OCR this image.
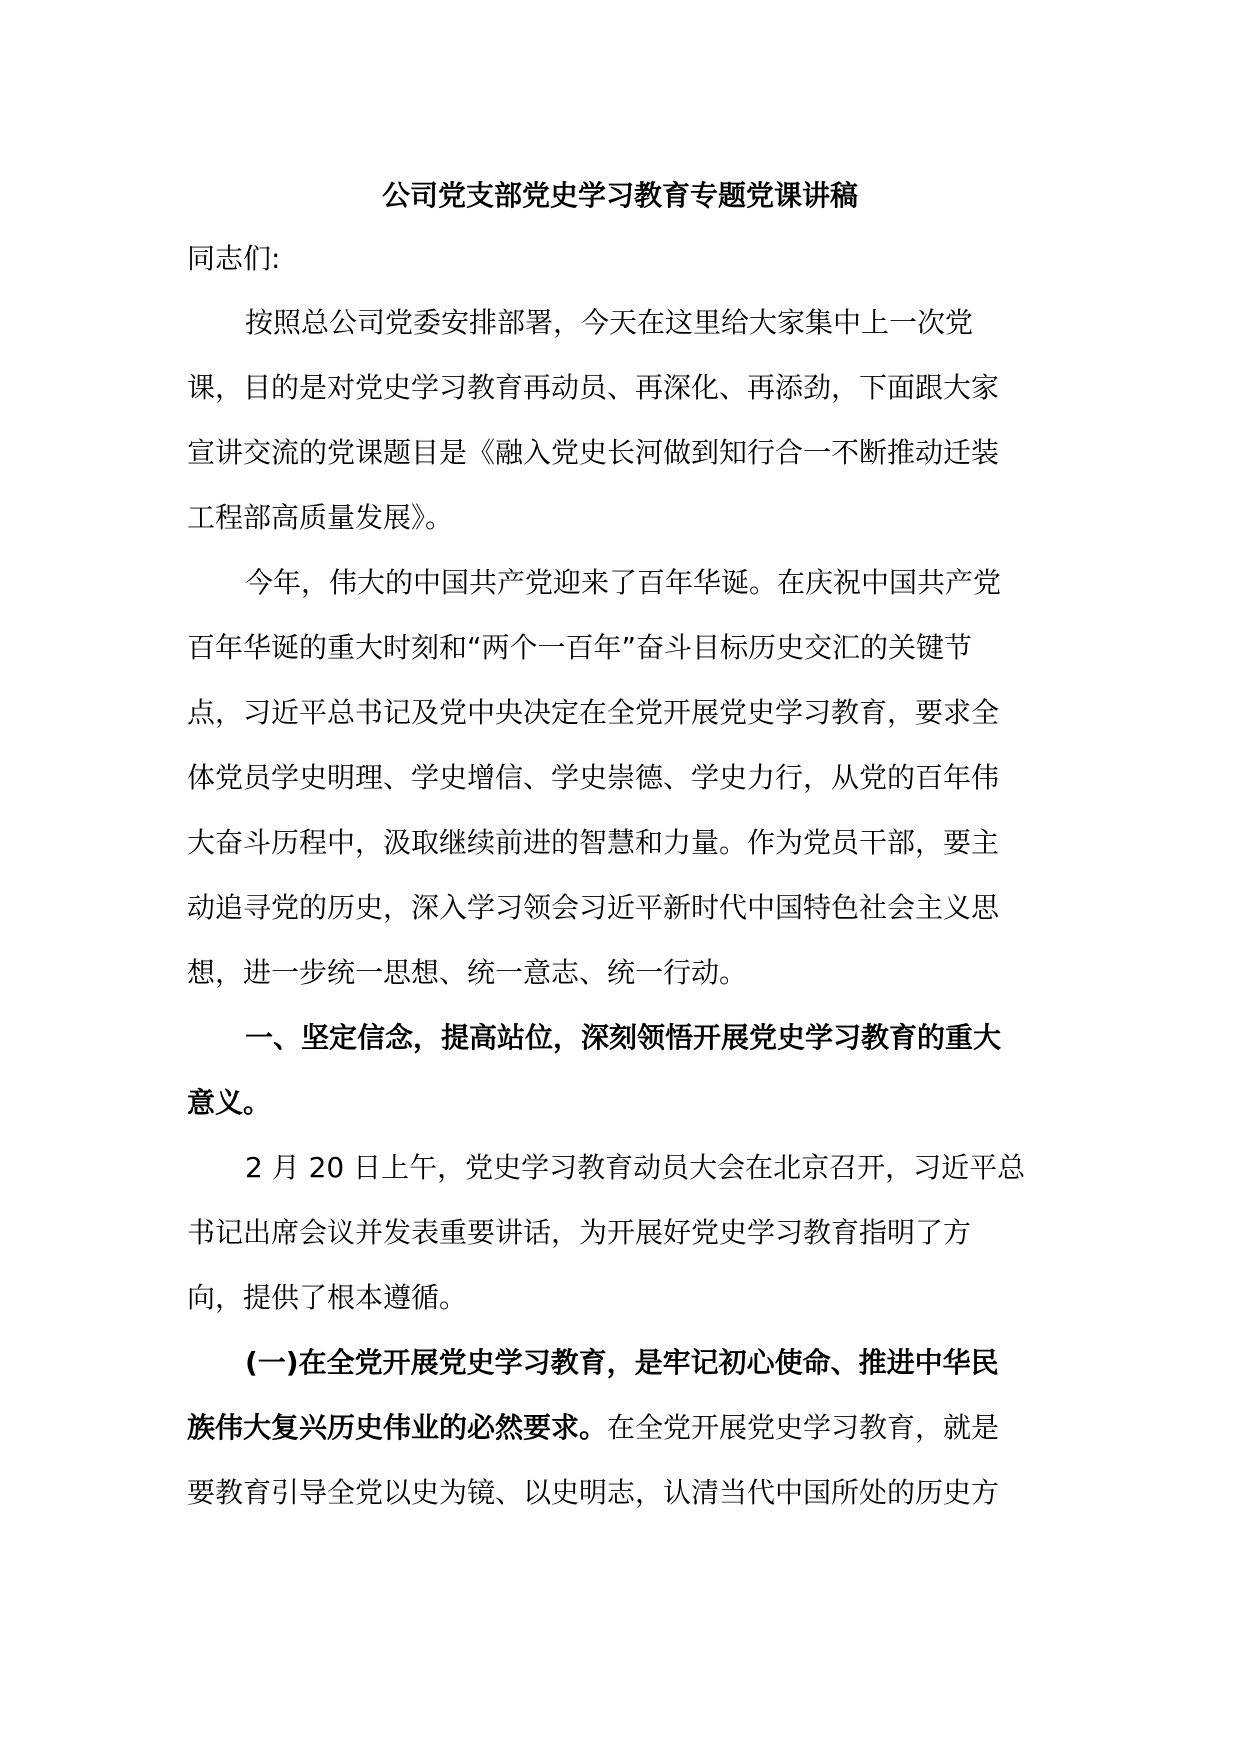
公司党支部党史学习教育专题党课讲稿
同志们:
按照总公司党委安排部署，今天在这里给大家集中上一次党
课，目的是对党史学习教育再动员、再深化、再添劲，下面跟大家
宣讲交流的党课题目是《融入党史长河做到知行合一不断推动迁装
工程部高质量发展》。
今年，伟大的中国共产党迎来了百年华诞。在庆祝中国共产党
百年华诞的重大时刻和“两个一百年”奋斗目标历史交汇的关键节
点，习近平总书记及党中央决定在全党开展党史学习教育，要求全
体党员学史明理、学史增信、学史崇德、学史力行，从党的百年伟
大奋斗历程中，汲取继续前进的智慧和力量。作为党员干部，要主
动追寻党的历史，深入学习领会习近平新时代中国特色社会主义思
想，进一步统一思想、统一意志、统一行动。
一、坚定信念，提高站位，深刻领悟开展党史学习教育的重大
意义。
2 月 20 日上午，党史学习教育动员大会在北京召开，习近平总
书记出席会议并发表重要讲话，为开展好党史学习教育指明了方
向，提供了根本遵循。
(一)在全党开展党史学习教育，是牢记初心使命、推进中华民
族伟大复兴历史伟业的必然要求。在全党开展党史学习教育，就是
要教育引导全党以史为镜、以史明志，认清当代中国所处的历史方
